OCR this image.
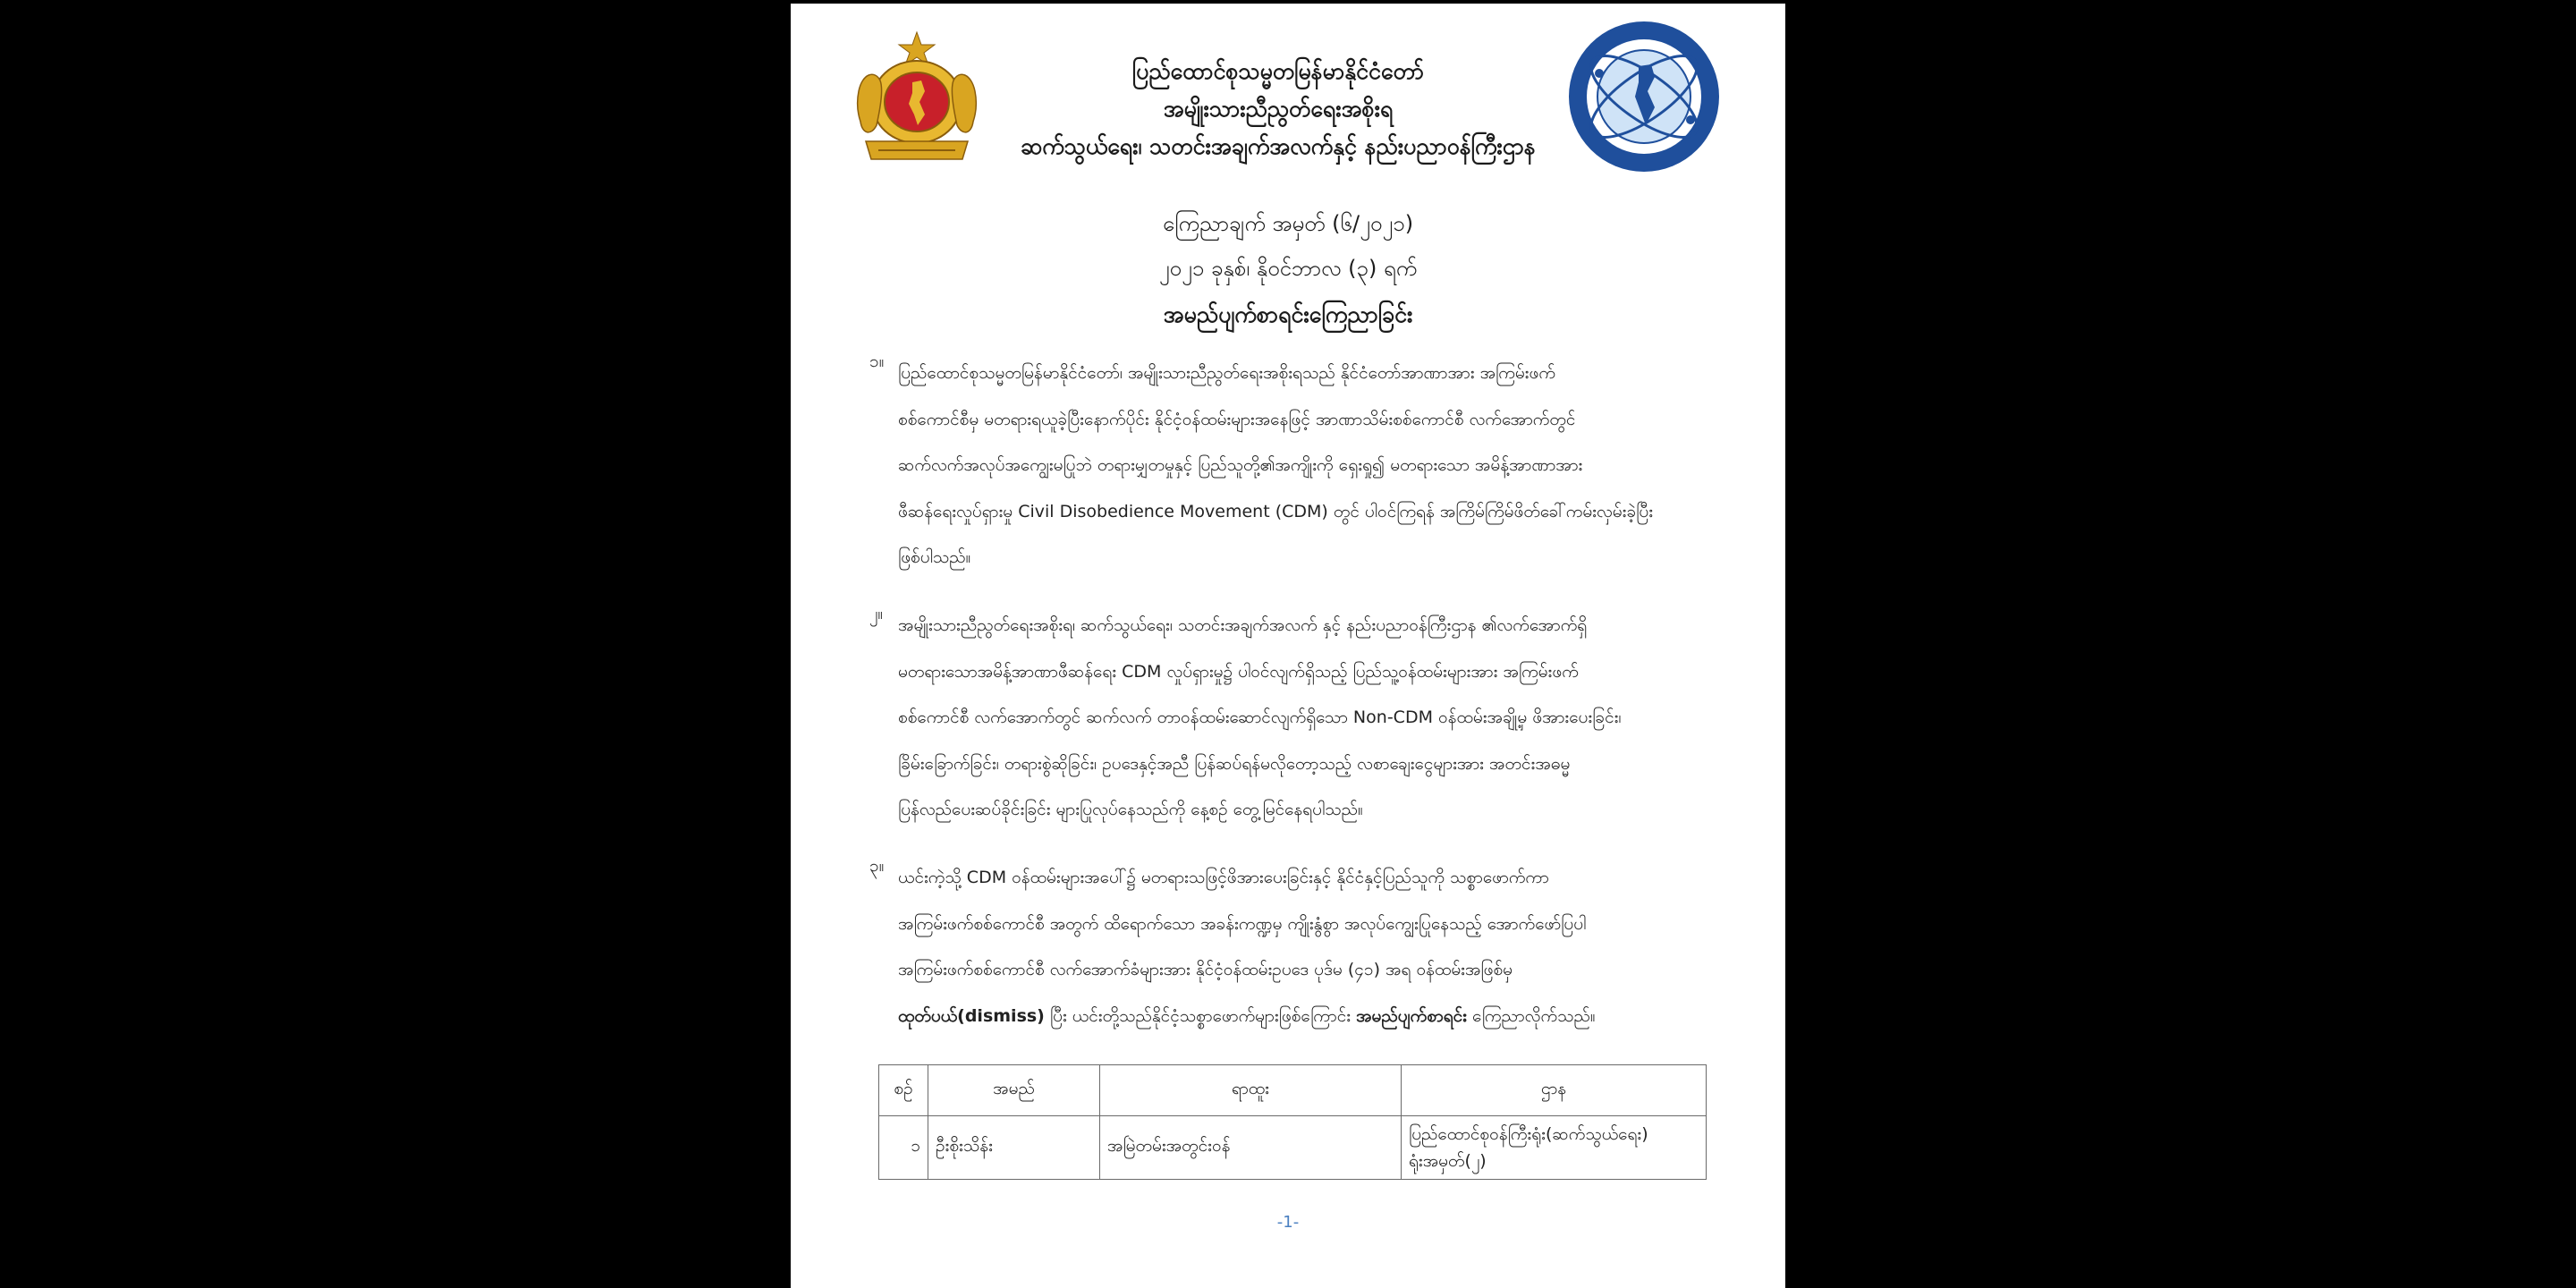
ပြည်ထောင်စုသမ္မတမြန်မာနိုင်ငံတော်
အမျိုးသားညီညွတ်ရေးအစိုးရ
ဆက်သွယ်ရေး၊ သတင်းအချက်အလက်နှင့် နည်းပညာဝန်ကြီးဌာန
ကြေညာချက် အမှတ် (၆/၂၀၂၁)
၂၀၂၁ ခုနှစ်၊ နိုဝင်ဘာလ (၃) ရက်
အမည်ပျက်စာရင်းကြေညာခြင်း
၁။
ပြည်ထောင်စုသမ္မတမြန်မာနိုင်ငံတော်၊ အမျိုးသားညီညွတ်ရေးအစိုးရသည် နိုင်ငံတော်အာဏာအား အကြမ်းဖက်
စစ်ကောင်စီမှ မတရားရယူခဲ့ပြီးနောက်ပိုင်း နိုင်ငံ့ဝန်ထမ်းများအနေဖြင့် အာဏာသိမ်းစစ်ကောင်စီ လက်အောက်တွင်
ဆက်လက်အလုပ်အကျွေးမပြုဘဲ တရားမျှတမှုနှင့် ပြည်သူတို့၏အကျိုးကို ရှေးရှု၍ မတရားသော အမိန့်အာဏာအား
ဖီဆန်ရေးလှုပ်ရှားမှု Civil Disobedience Movement (CDM) တွင် ပါဝင်ကြရန် အကြိမ်ကြိမ်ဖိတ်ခေါ်ကမ်းလှမ်းခဲ့ပြီး
ဖြစ်ပါသည်။
၂။
အမျိုးသားညီညွတ်ရေးအစိုးရ၊ ဆက်သွယ်ရေး၊ သတင်းအချက်အလက် နှင့် နည်းပညာဝန်ကြီးဌာန ၏လက်အောက်ရှိ
မတရားသောအမိန့်အာဏာဖီဆန်ရေး CDM လှုပ်ရှားမှု၌ ပါဝင်လျက်ရှိသည့် ပြည်သူ့ဝန်ထမ်းများအား အကြမ်းဖက်
စစ်ကောင်စီ လက်အောက်တွင် ဆက်လက် တာဝန်ထမ်းဆောင်လျက်ရှိသော Non-CDM ဝန်ထမ်းအချို့မှ ဖိအားပေးခြင်း၊
ခြိမ်းခြောက်ခြင်း၊ တရားစွဲဆိုခြင်း၊ ဥပဒေနှင့်အညီ ပြန်ဆပ်ရန်မလိုတော့သည့် လစာချေးငွေများအား အတင်းအဓမ္မ
ပြန်လည်ပေးဆပ်ခိုင်းခြင်း များပြုလုပ်နေသည်ကို နေ့စဉ် တွေ့မြင်နေရပါသည်။
၃။
ယင်းကဲ့သို့ CDM ဝန်ထမ်းများအပေါ်၌ မတရားသဖြင့်ဖိအားပေးခြင်းနှင့် နိုင်ငံနှင့်ပြည်သူကို သစ္စာဖောက်ကာ
အကြမ်းဖက်စစ်ကောင်စီ အတွက် ထိရောက်သော အခန်းကဏ္ဍမှ ကျိုးနွံစွာ အလုပ်ကျွေးပြုနေသည့် အောက်ဖော်ပြပါ
အကြမ်းဖက်စစ်ကောင်စီ လက်အောက်ခံများအား နိုင်ငံ့ဝန်ထမ်းဥပဒေ ပုဒ်မ (၄၁) အရ ဝန်ထမ်းအဖြစ်မှ
ထုတ်ပယ်(dismiss) ပြီး ယင်းတို့သည်နိုင်ငံ့သစ္စာဖောက်များဖြစ်ကြောင်း အမည်ပျက်စာရင်း ကြေညာလိုက်သည်။
စဉ်	အမည်	ရာထူး	ဌာန
၁	ဦးစိုးသိန်း	အမြဲတမ်းအတွင်းဝန်	ပြည်ထောင်စုဝန်ကြီးရုံး(ဆက်သွယ်ရေး)
ရုံးအမှတ်(၂)
-1-
